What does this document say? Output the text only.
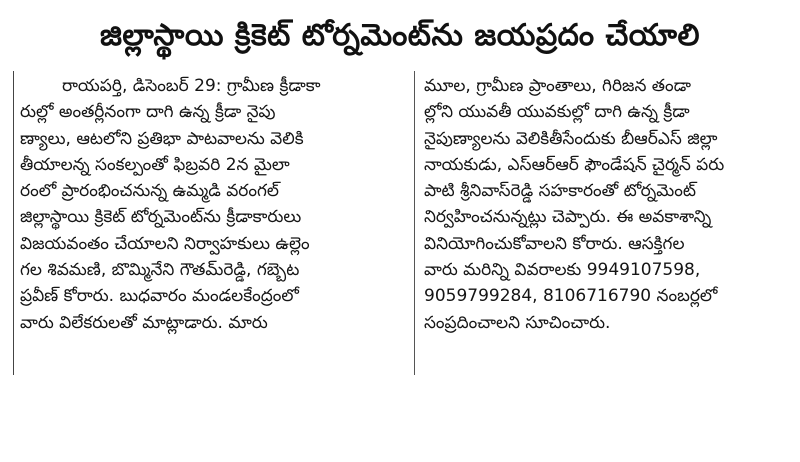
జిల్లాస్థాయి క్రికెట్ టోర్నమెంట్‌ను జయప్రదం చేయాలి
రాయపర్తి, డిసెంబర్ 29: గ్రామీణ క్రీడాకా
రుల్లో అంతర్లీనంగా దాగి ఉన్న క్రీడా నైపు
ణ్యాలు, ఆటలోని ప్రతిభా పాటవాలను వెలికి
తీయాలన్న సంకల్పంతో ఫిబ్రవరి 2న మైలా
రంలో ప్రారంభించనున్న ఉమ్మడి వరంగల్
జిల్లాస్థాయి క్రికెట్ టోర్నమెంట్‌ను క్రీడాకారులు
విజయవంతం చేయాలని నిర్వాహకులు ఉల్లెం
గల శివమణి, బొమ్మినేని గౌతమ్‌రెడ్డి, గబ్బెట
ప్రవీణ్ కోరారు. బుధవారం మండలకేంద్రంలో
వారు విలేకరులతో మాట్లాడారు. మారు
మూల, గ్రామీణ ప్రాంతాలు, గిరిజన తండా
ల్లోని యువతీ యువకుల్లో దాగి ఉన్న క్రీడా
నైపుణ్యాలను వెలికితీసేందుకు బీఆర్ఎస్ జిల్లా
నాయకుడు, ఎస్ఆర్ఆర్ ఫౌండేషన్ చైర్మన్ పరు
పాటి శ్రీనివాస్‌రెడ్డి సహకారంతో టోర్నమెంట్
నిర్వహించనున్నట్లు చెప్పారు. ఈ అవకాశాన్ని
వినియోగించుకోవాలని కోరారు. ఆసక్తిగల
వారు మరిన్ని వివరాలకు 9949107598,
9059799284, 8106716790 నంబర్లలో
సంప్రదించాలని సూచించారు.
